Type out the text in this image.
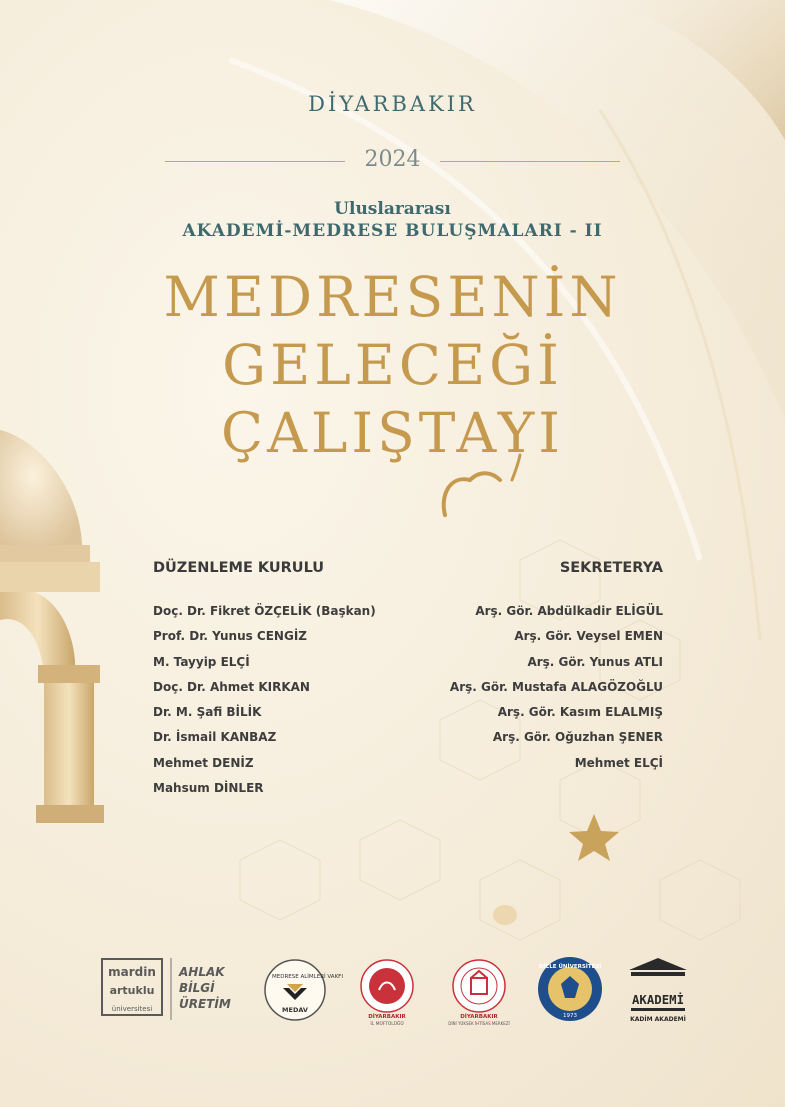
DİYARBAKIR
2024
Uluslararası
AKADEMİ-MEDRESE BULUŞMALARI - II
MEDRESENİN
GELECEĞİ
ÇALIŞTAYI
DÜZENLEME KURULU	SEKRETERYA
Doç. Dr. Fikret ÖZÇELİK (Başkan)
Prof. Dr. Yunus CENGİZ
M. Tayyip ELÇİ
Doç. Dr. Ahmet KIRKAN
Dr. M. Şafi BİLİK
Dr. İsmail KANBAZ
Mehmet DENİZ
Mahsum DİNLER
Arş. Gör. Abdülkadir ELİGÜL
Arş. Gör. Veysel EMEN
Arş. Gör. Yunus ATLI
Arş. Gör. Mustafa ALAGÖZOĞLU
Arş. Gör. Kasım ELALMIŞ
Arş. Gör. Oğuzhan ŞENER
Mehmet ELÇİ
mardin
artuklu
üniversitesi
AHLAK
BİLGİ
ÜRETİM
MEDRESE ALİMLERİ VAKFI
MEDAV
DİYARBAKIR
İL MÜFTÜLÜĞÜ
DİYARBAKIR
DİNİ YÜKSEK İHTİSAS MERKEZİ
DİCLE ÜNİVERSİTESİ
1973
AKADEMİ
KADİM AKADEMİ
